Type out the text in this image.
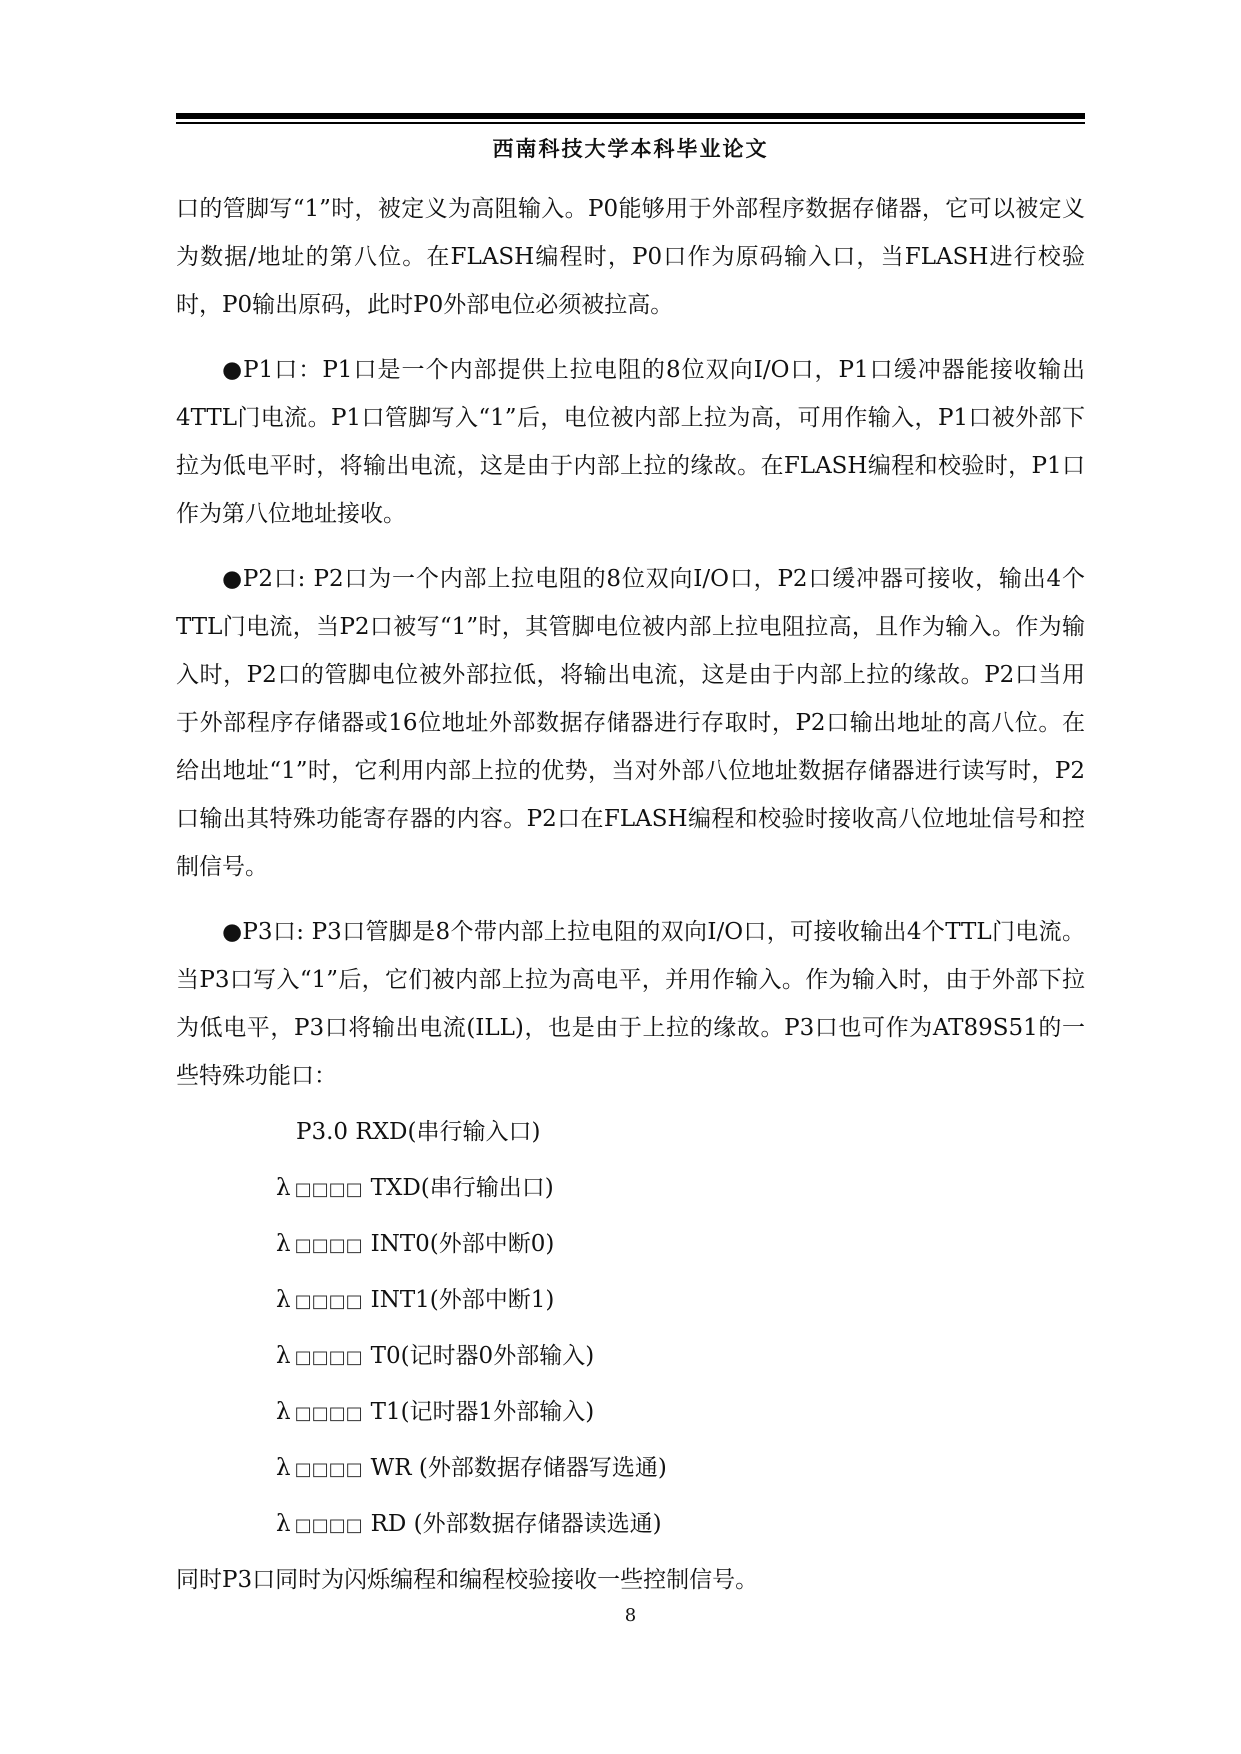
西南科技大学本科毕业论文

口的管脚写“1”时，被定义为高阻输入。P0能够用于外部程序数据存储器，它可以被定义为数据/地址的第八位。在FLASH编程时，P0口作为原码输入口，当FLASH进行校验时，P0输出原码，此时P0外部电位必须被拉高。

●P1口：P1口是一个内部提供上拉电阻的8位双向I/O口，P1口缓冲器能接收输出4TTL门电流。P1口管脚写入“1”后，电位被内部上拉为高，可用作输入，P1口被外部下拉为低电平时，将输出电流，这是由于内部上拉的缘故。在FLASH编程和校验时，P1口作为第八位地址接收。

●P2口: P2口为一个内部上拉电阻的8位双向I/O口，P2口缓冲器可接收，输出4个TTL门电流，当P2口被写“1”时，其管脚电位被内部上拉电阻拉高，且作为输入。作为输入时，P2口的管脚电位被外部拉低，将输出电流，这是由于内部上拉的缘故。P2口当用于外部程序存储器或16位地址外部数据存储器进行存取时，P2口输出地址的高八位。在给出地址“1”时，它利用内部上拉的优势，当对外部八位地址数据存储器进行读写时，P2口输出其特殊功能寄存器的内容。P2口在FLASH编程和校验时接收高八位地址信号和控制信号。

●P3口: P3口管脚是8个带内部上拉电阻的双向I/O口，可接收输出4个TTL门电流。当P3口写入“1”后，它们被内部上拉为高电平，并用作输入。作为输入时，由于外部下拉为低电平，P3口将输出电流(ILL)，也是由于上拉的缘故。P3口也可作为AT89S51的一些特殊功能口：

P3.0 RXD(串行输入口)
λ □□□□ TXD(串行输出口)
λ □□□□ INT0(外部中断0)
λ □□□□ INT1(外部中断1)
λ □□□□ T0(记时器0外部输入)
λ □□□□ T1(记时器1外部输入)
λ □□□□ WR (外部数据存储器写选通)
λ □□□□ RD (外部数据存储器读选通)

同时P3口同时为闪烁编程和编程校验接收一些控制信号。

8
